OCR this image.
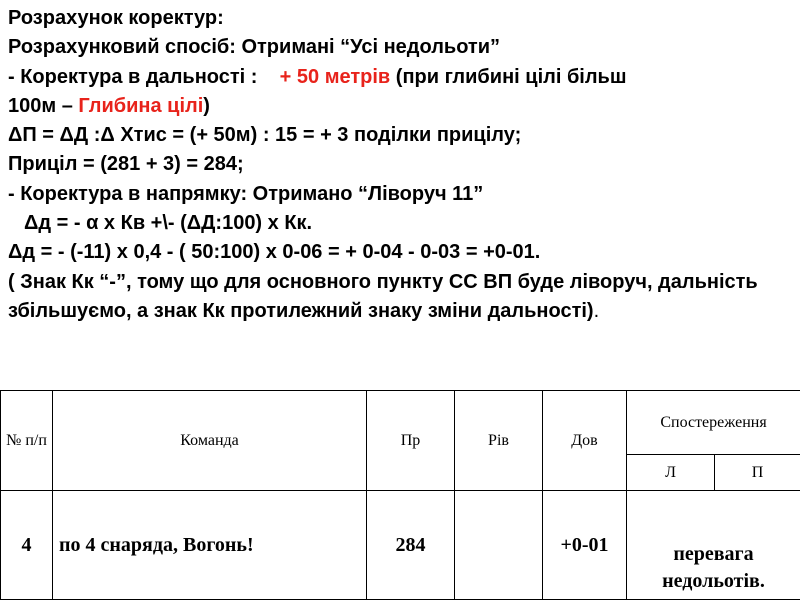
Розрахунок коректур:
Розрахунковий спосіб: Отримані “Усі недольоти”
- Коректура в дальності :    + 50 метрів (при глибині цілі більш
100м – Глибина цілі)
ΔП = ΔД :Δ Хтис = (+ 50м) : 15 = + 3 поділки прицілу;
Приціл = (281 + 3) = 284;
- Коректура в напрямку: Отримано “Ліворуч 11”
Δд = - α х Кв +\- (ΔД:100) х Кк.
Δд = - (-11) х 0,4 - ( 50:100) х 0-06 = + 0-04 - 0-03 = +0-01.
( Знак Кк “-”, тому що для основного пункту СС ВП буде ліворуч, дальність збільшуємо, а знак Кк протилежний знаку зміни дальності).
№ п/п	Команда	Пр	Рів	Дов	Спостереження	
					Л	П
4	по 4 снаряда, Вогонь!	284		+0-01	перевага недольотів.	
